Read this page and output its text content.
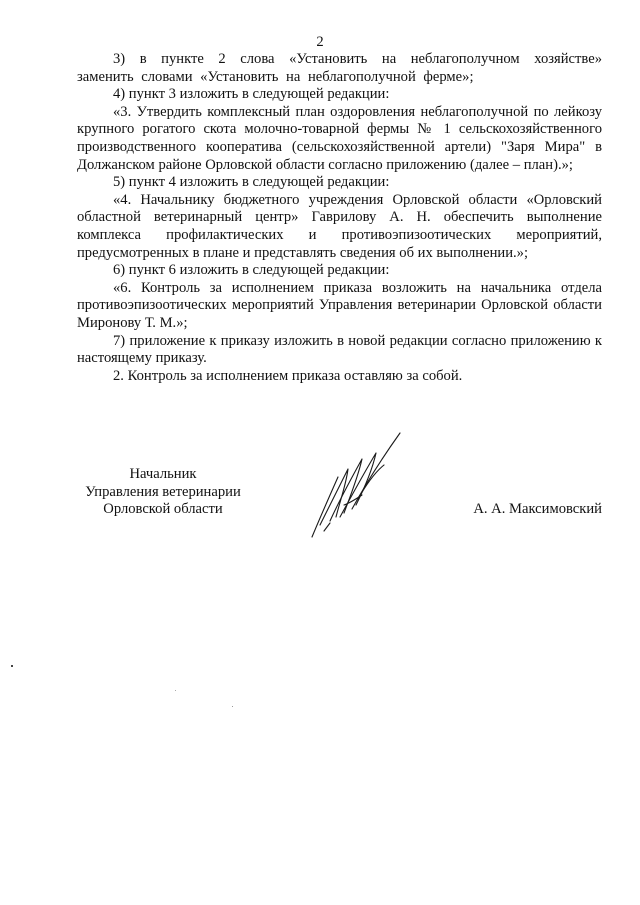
2

3) в пункте 2 слова «Установить на неблагополучном хозяйстве» заменить словами «Установить на неблагополучной ферме»;

4) пункт 3 изложить в следующей редакции:

«3. Утвердить комплексный план оздоровления неблагополучной по лейкозу крупного рогатого скота молочно-товарной фермы № 1 сельскохозяйственного производственного кооператива (сельскохозяйственной артели) "Заря Мира" в Должанском районе Орловской области согласно приложению (далее – план).»;

5) пункт 4 изложить в следующей редакции:

«4. Начальнику бюджетного учреждения Орловской области «Орловский областной ветеринарный центр» Гаврилову А. Н. обеспечить выполнение комплекса профилактических и противоэпизоотических мероприятий, предусмотренных в плане и представлять сведения об их выполнении.»;

6) пункт 6 изложить в следующей редакции:

«6. Контроль за исполнением приказа возложить на начальника отдела противоэпизоотических мероприятий Управления ветеринарии Орловской области Миронову Т. М.»;

7) приложение к приказу изложить в новой редакции согласно приложению к настоящему приказу.

2. Контроль за исполнением приказа оставляю за собой.

Начальник
Управления ветеринарии
Орловской области	А. А. Максимовский
